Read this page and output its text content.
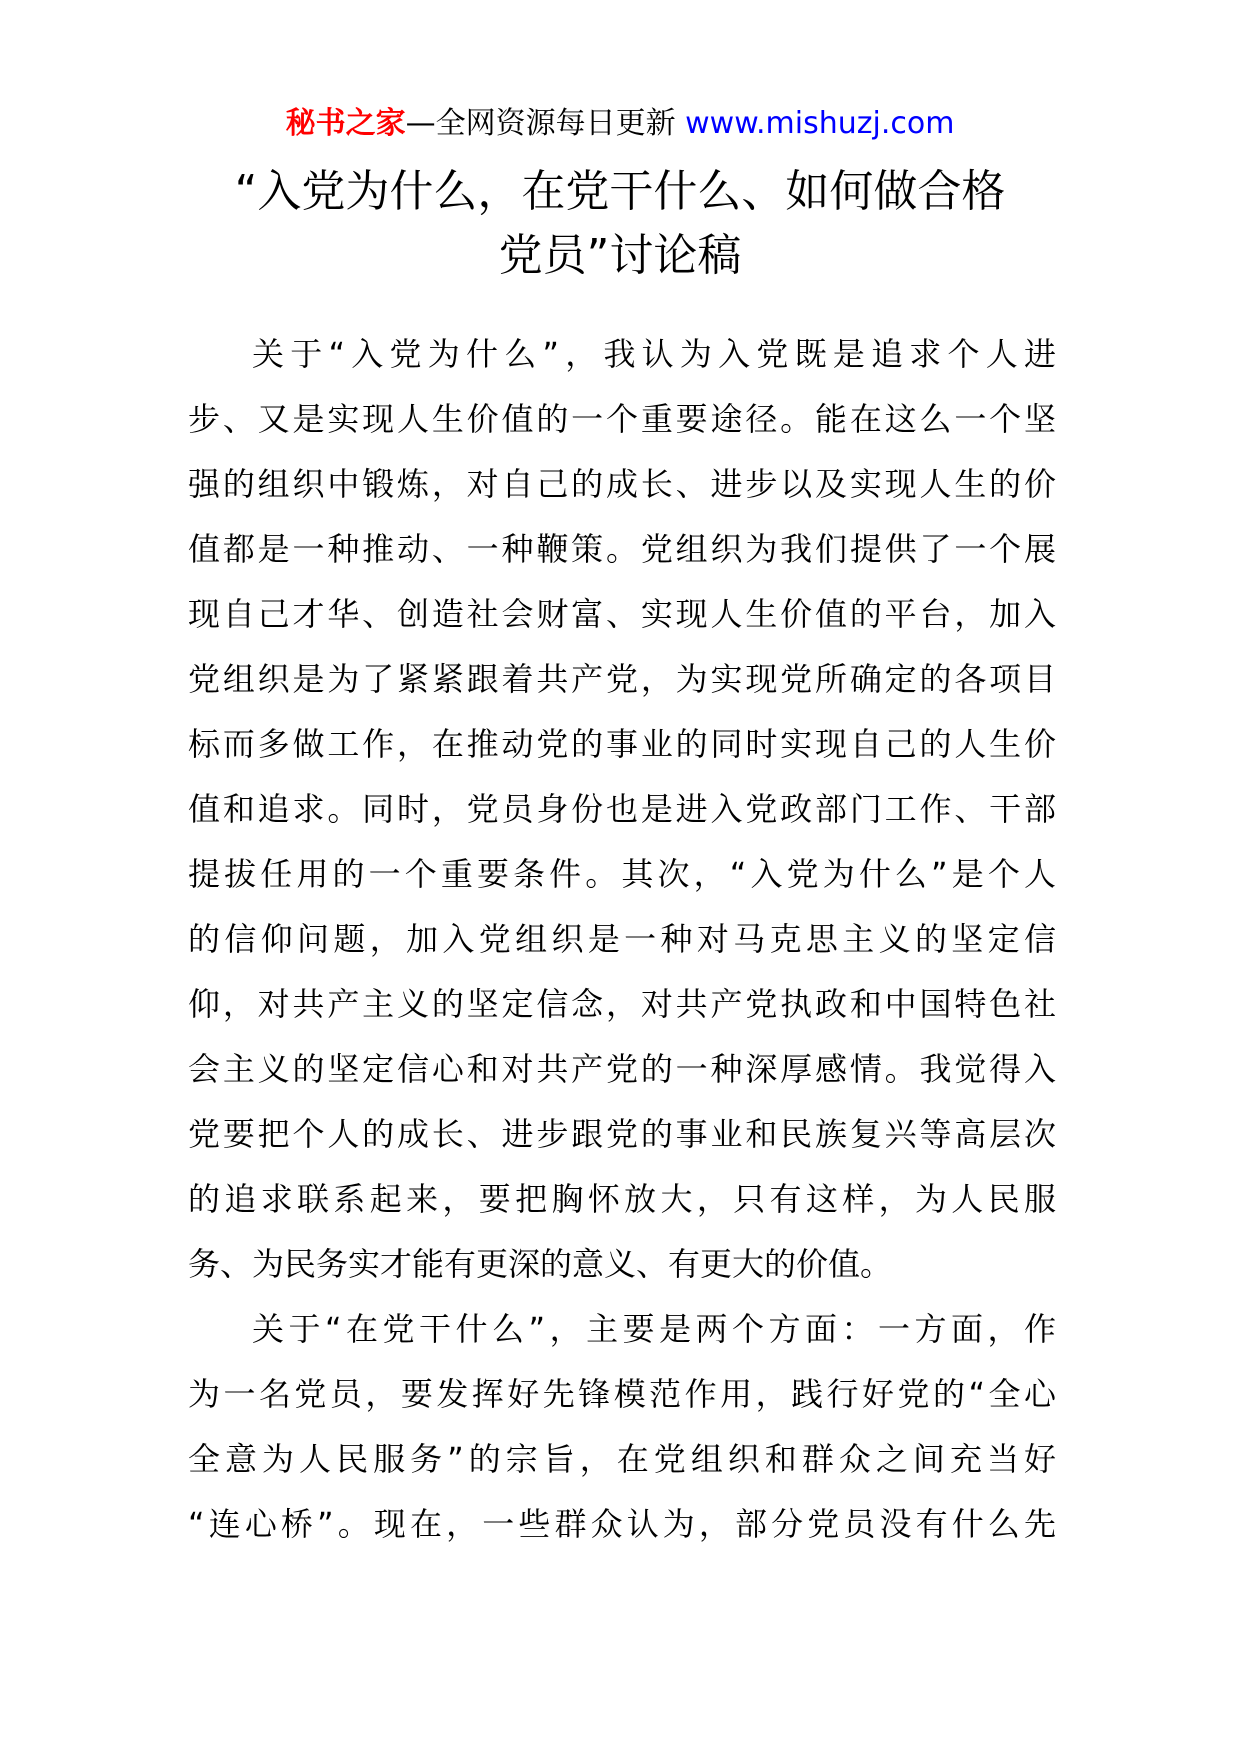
秘书之家—全网资源每日更新 www.mishuzj.com
“入党为什么，在党干什么、如何做合格
党员”讨论稿
关于“入党为什么”，我认为入党既是追求个人进
步、又是实现人生价值的一个重要途径。能在这么一个坚
强的组织中锻炼，对自己的成长、进步以及实现人生的价
值都是一种推动、一种鞭策。党组织为我们提供了一个展
现自己才华、创造社会财富、实现人生价值的平台，加入
党组织是为了紧紧跟着共产党，为实现党所确定的各项目
标而多做工作，在推动党的事业的同时实现自己的人生价
值和追求。同时，党员身份也是进入党政部门工作、干部
提拔任用的一个重要条件。其次，“入党为什么”是个人
的信仰问题，加入党组织是一种对马克思主义的坚定信
仰，对共产主义的坚定信念，对共产党执政和中国特色社
会主义的坚定信心和对共产党的一种深厚感情。我觉得入
党要把个人的成长、进步跟党的事业和民族复兴等高层次
的追求联系起来，要把胸怀放大，只有这样，为人民服
务、为民务实才能有更深的意义、有更大的价值。
关于“在党干什么”，主要是两个方面：一方面，作
为一名党员，要发挥好先锋模范作用，践行好党的“全心
全意为人民服务”的宗旨，在党组织和群众之间充当好
“连心桥”。现在，一些群众认为，部分党员没有什么先
